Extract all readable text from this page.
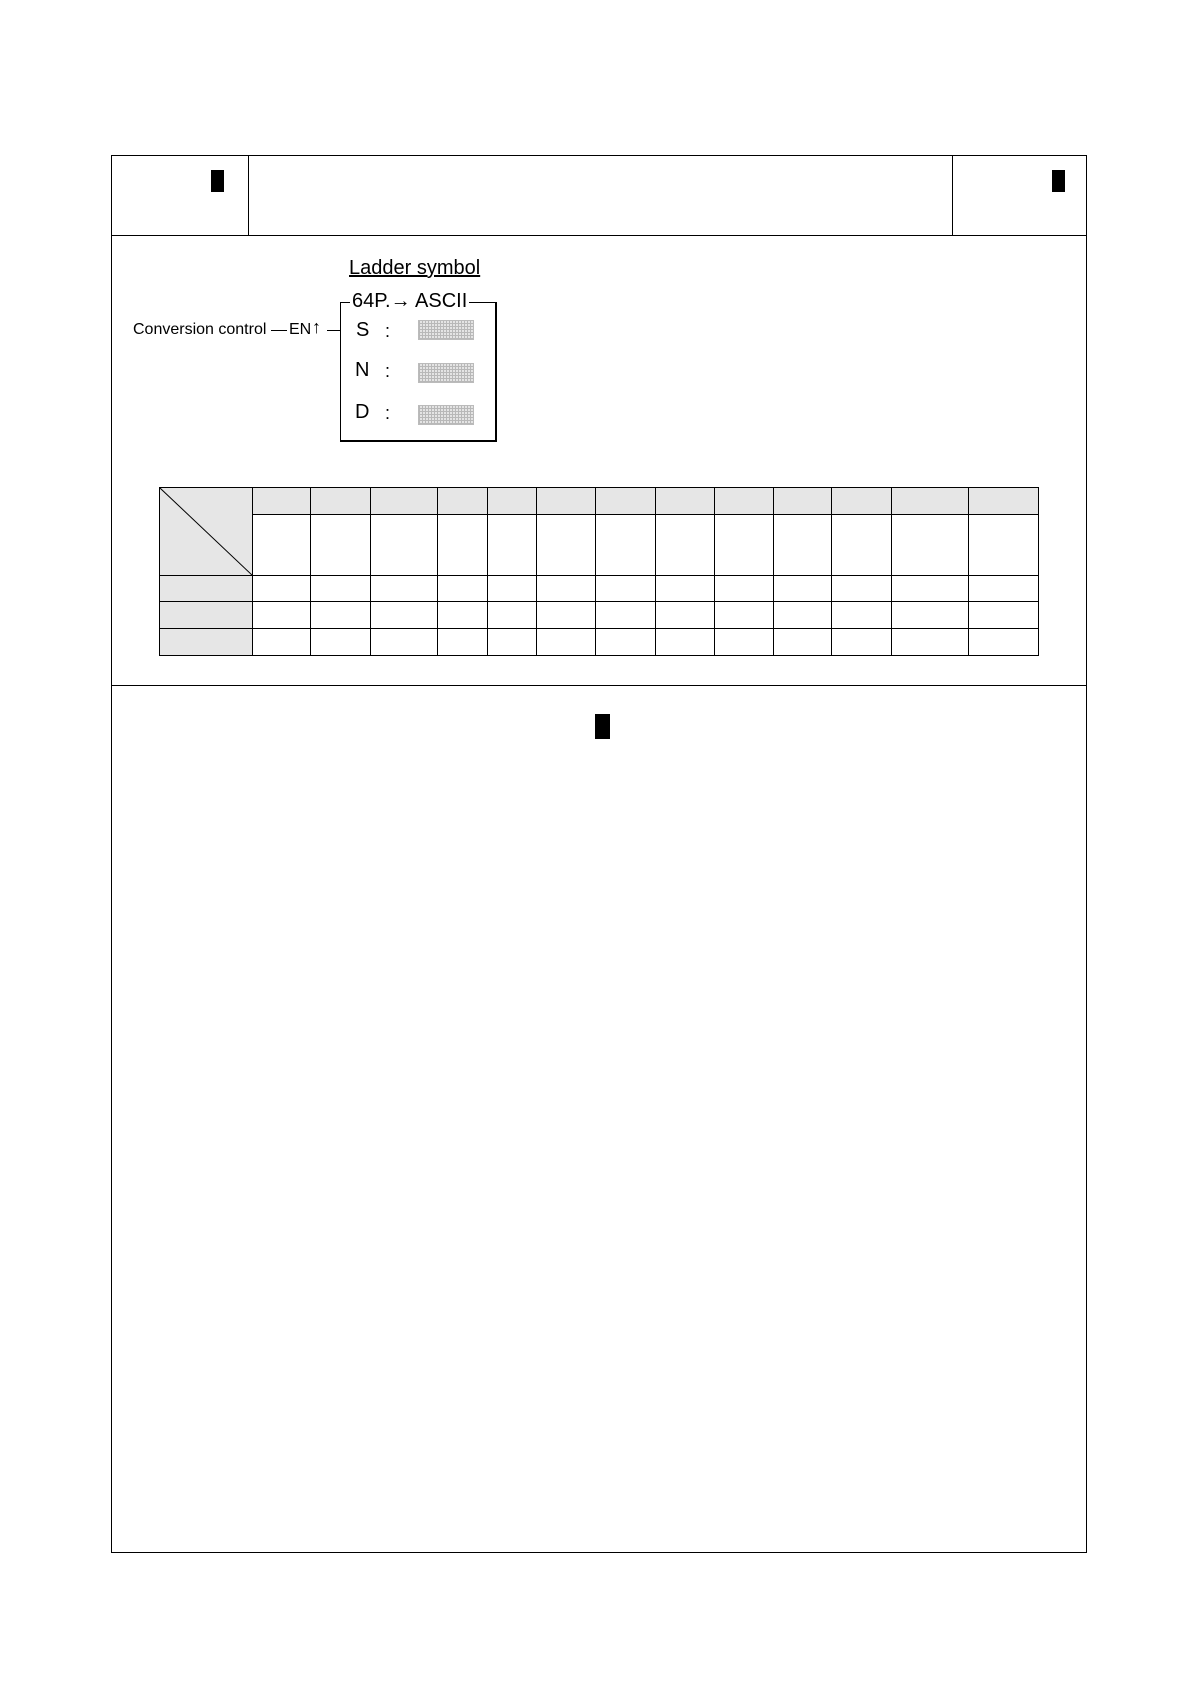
Ladder symbol
64P.→ ASCII
Conversion control EN ↑ S :
N :
D :
